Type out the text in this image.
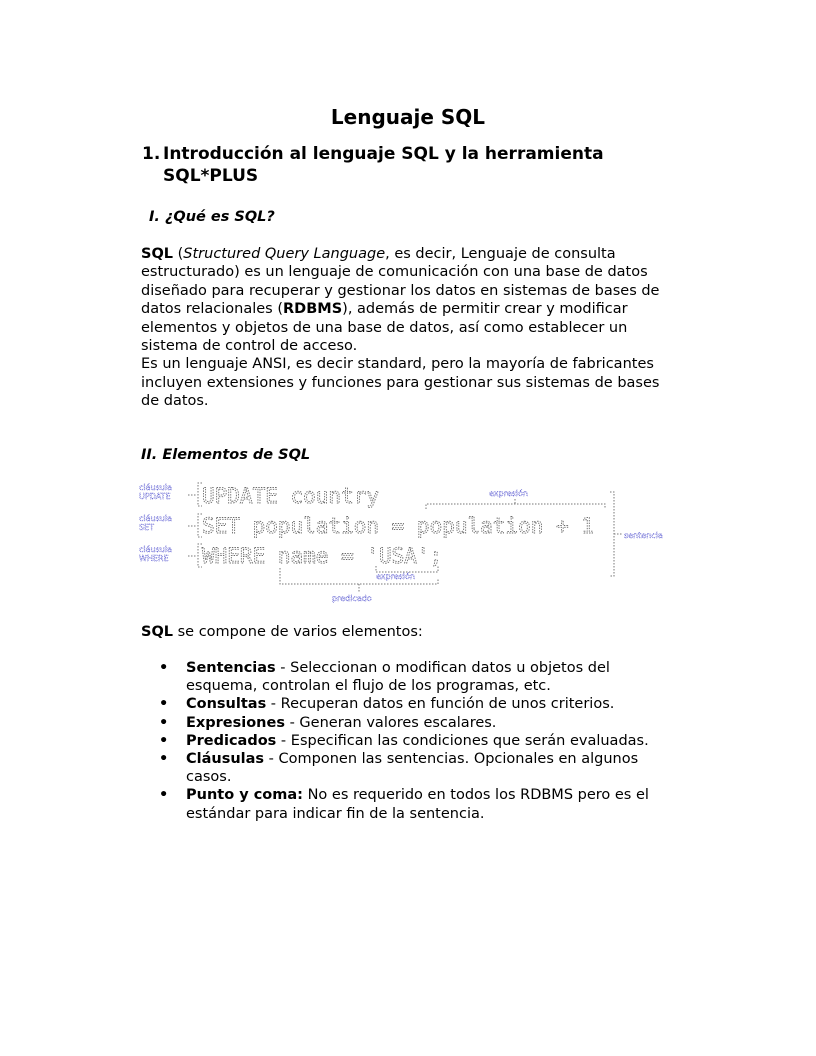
Lenguaje SQL
1. Introducción al lenguaje SQL y la herramienta SQL*PLUS
I. ¿Qué es SQL?

SQL (Structured Query Language, es decir, Lenguaje de consulta estructurado) es un lenguaje de comunicación con una base de datos diseñado para recuperar y gestionar los datos en sistemas de bases de datos relacionales (RDBMS), además de permitir crear y modificar elementos y objetos de una base de datos, así como establecer un sistema de control de acceso.

Es un lenguaje ANSI, es decir standard, pero la mayoría de fabricantes incluyen extensiones y funciones para gestionar sus sistemas de bases de datos.

II. Elementos de SQL
cláusula
UPDATE
cláusula
SET
cláusula
WHERE
UPDATE country
SET population = population + 1
WHERE name = 'USA';
expresión
sentencia
expresión
predicado

SQL se compone de varios elementos:

• Sentencias - Seleccionan o modifican datos u objetos del esquema, controlan el flujo de los programas, etc.
• Consultas - Recuperan datos en función de unos criterios.
• Expresiones - Generan valores escalares.
• Predicados - Especifican las condiciones que serán evaluadas.
• Cláusulas - Componen las sentencias. Opcionales en algunos casos.
• Punto y coma: No es requerido en todos los RDBMS pero es el estándar para indicar fin de la sentencia.
